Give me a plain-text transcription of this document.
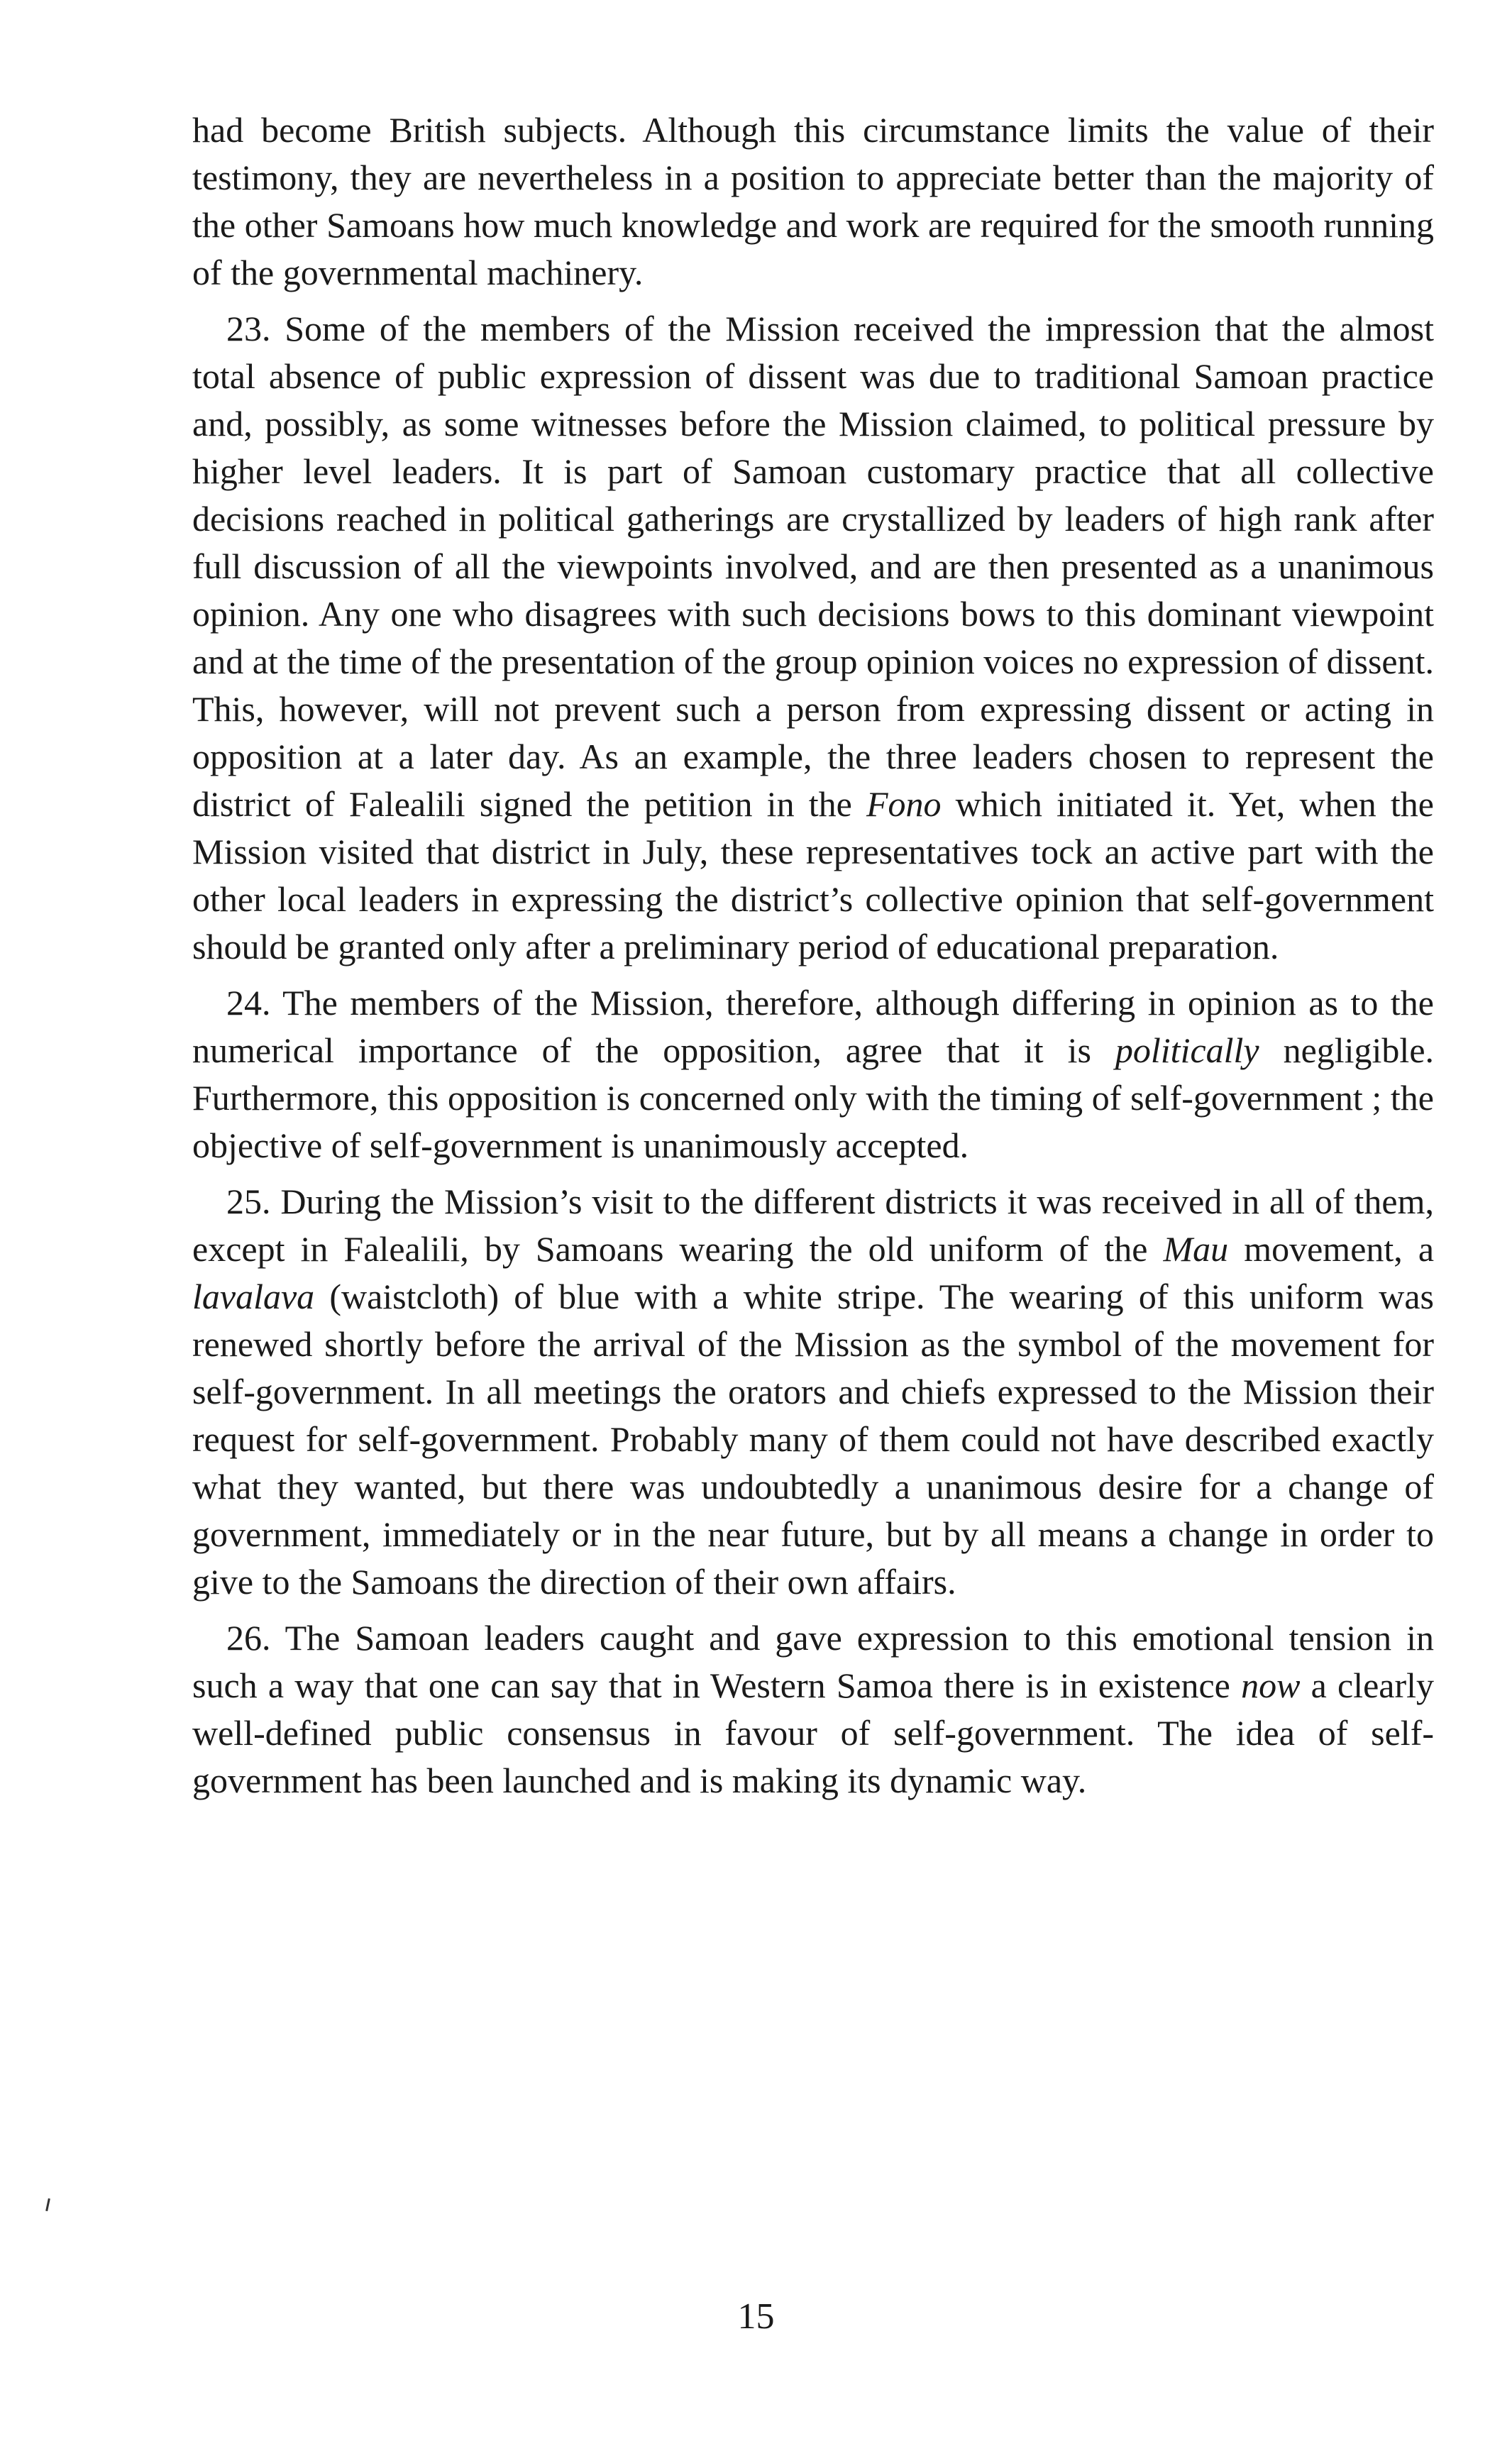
had become British subjects. Although this circumstance limits the value of their testimony, they are nevertheless in a position to appreciate better than the majority of the other Samoans how much knowledge and work are required for the smooth running of the governmental machinery.

23. Some of the members of the Mission received the impression that the almost total absence of public expression of dissent was due to traditional Samoan practice and, possibly, as some witnesses before the Mission claimed, to political pressure by higher level leaders. It is part of Samoan customary practice that all collective decisions reached in political gatherings are crystallized by leaders of high rank after full discussion of all the viewpoints involved, and are then presented as a unanimous opinion. Any one who disagrees with such decisions bows to this dominant viewpoint and at the time of the presentation of the group opinion voices no expression of dissent. This, however, will not prevent such a person from expressing dissent or acting in opposition at a later day. As an example, the three leaders chosen to represent the district of Falealili signed the petition in the Fono which initiated it. Yet, when the Mission visited that district in July, these representatives tock an active part with the other local leaders in expressing the district’s collective opinion that self-government should be granted only after a preliminary period of educational preparation.

24. The members of the Mission, therefore, although differing in opinion as to the numerical importance of the opposition, agree that it is politically negligible. Furthermore, this opposition is concerned only with the timing of self-government ; the objective of self-government is unanimously accepted.

25. During the Mission’s visit to the different districts it was received in all of them, except in Falealili, by Samoans wearing the old uniform of the Mau movement, a lavalava (waistcloth) of blue with a white stripe. The wearing of this uniform was renewed shortly before the arrival of the Mission as the symbol of the movement for self-government. In all meetings the orators and chiefs expressed to the Mission their request for self-government. Probably many of them could not have described exactly what they wanted, but there was undoubtedly a unanimous desire for a change of government, immediately or in the near future, but by all means a change in order to give to the Samoans the direction of their own affairs.

26. The Samoan leaders caught and gave expression to this emotional tension in such a way that one can say that in Western Samoa there is in existence now a clearly well-defined public consensus in favour of self-government. The idea of self-government has been launched and is making its dynamic way.

15
